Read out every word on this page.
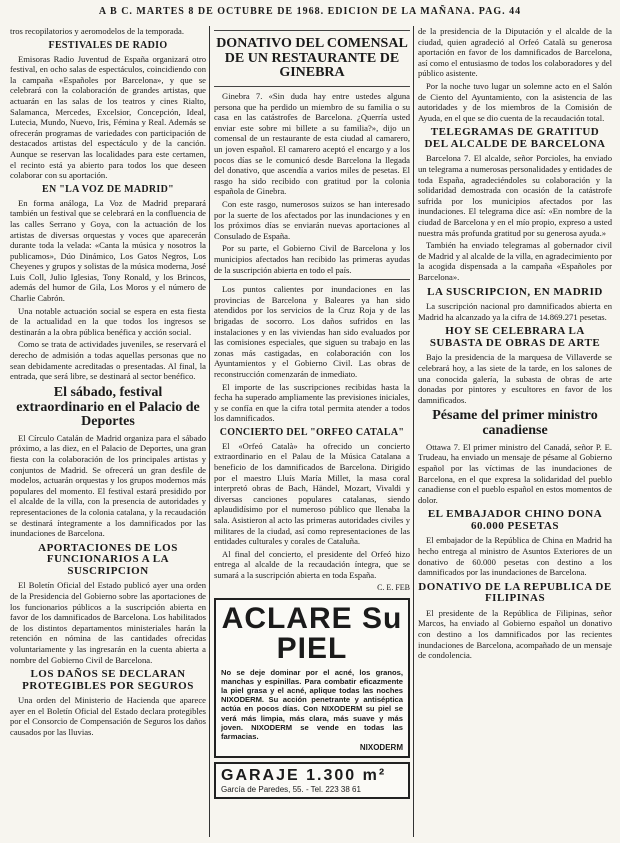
A B C. MARTES 8 DE OCTUBRE DE 1968. EDICION DE LA MAÑANA. PAG. 44

tros recopilatorios y aeromodelos de la temporada.

FESTIVALES DE RADIO

Emisoras Radio Juventud de España organizará otro festival, en ocho salas de espectáculos, coincidiendo con la campaña «Españoles por Barcelona», y que se celebrará con la colaboración de grandes artistas, que actuarán en las salas de los teatros y cines Rialto, Salamanca, Mercedes, Excelsior, Concepción, Ideal, Lutecia, Mundo, Nuevo, Iris, Fémina y Real. Además se ofrecerán programas de variedades con participación de destacados artistas del espectáculo y de la canción. Aunque se reservan las localidades para este certamen, el recinto está ya abierto para todos los que deseen colaborar con su aportación.

EN "LA VOZ DE MADRID"

En forma análoga, La Voz de Madrid preparará también un festival que se celebrará en la confluencia de las calles Serrano y Goya, con la actuación de los artistas de diversas orquestas y voces que aparecerán durante toda la velada: «Canta la música y nosotros la publicamos», Dúo Dinámico, Los Gatos Negros, Los Cheyenes y grupos y solistas de la música moderna, José Luis Coll, Julio Iglesias, Tony Ronald, y los Brincos, además del humor de Gila, Los Moros y el número de Charlie Cabrón.

Una notable actuación social se espera en esta fiesta de la actualidad en la que todos los ingresos se destinarán a la obra pública benéfica y acción social.

Como se trata de actividades juveniles, se reservará el derecho de admisión a todas aquellas personas que no sean debidamente acreditadas o presentadas. Al final, la entrada, que será libre, se destinará al sector benéfico.

El sábado, festival extraordinario en el Palacio de Deportes

El Círculo Catalán de Madrid organiza para el sábado próximo, a las diez, en el Palacio de Deportes, una gran fiesta con la colaboración de los principales artistas y conjuntos de Madrid. Se ofrecerá un gran desfile de modelos, actuarán orquestas y los grupos modernos más populares del momento. El festival estará presidido por el alcalde de la villa, con la presencia de autoridades y representaciones de la colonia catalana, y la recaudación se destinará íntegramente a los damnificados por las inundaciones de Barcelona.

APORTACIONES DE LOS FUNCIONARIOS A LA SUSCRIPCION

El Boletín Oficial del Estado publicó ayer una orden de la Presidencia del Gobierno sobre las aportaciones de los funcionarios públicos a la suscripción abierta en favor de los damnificados de Barcelona. Los habilitados de los distintos departamentos ministeriales harán la retención en nómina de las cantidades ofrecidas voluntariamente y las ingresarán en la cuenta abierta a nombre del Gobierno Civil de Barcelona.

LOS DAÑOS SE DECLARAN PROTEGIBLES POR SEGUROS

Una orden del Ministerio de Hacienda que aparece ayer en el Boletín Oficial del Estado declara protegibles por el Consorcio de Compensación de Seguros los daños causados por las lluvias.

DONATIVO DEL COMENSAL DE UN RESTAURANTE DE GINEBRA

Ginebra 7. «Sin duda hay entre ustedes alguna persona que ha perdido un miembro de su familia o su casa en las catástrofes de Barcelona. ¿Querría usted enviar este sobre mi billete a su familia?», dijo un comensal de un restaurante de esta ciudad al camarero, un joven español. El camarero aceptó el encargo y a los pocos días se le comunicó desde Barcelona la llegada del donativo, que ascendía a varios miles de pesetas. El rasgo ha sido recibido con gratitud por la colonia española de Ginebra.

Con este rasgo, numerosos suizos se han interesado por la suerte de los afectados por las inundaciones y en los próximos días se enviarán nuevas aportaciones al Consulado de España.

Por su parte, el Gobierno Civil de Barcelona y los municipios afectados han recibido las primeras ayudas de la suscripción abierta en todo el país.

Los puntos calientes por inundaciones en las provincias de Barcelona y Baleares ya han sido atendidos por los servicios de la Cruz Roja y de las brigadas de socorro. Los daños sufridos en las instalaciones y en las viviendas han sido evaluados por las comisiones especiales, que siguen su trabajo en las zonas más castigadas, en colaboración con los Ayuntamientos y el Gobierno Civil. Las obras de reconstrucción comenzarán de inmediato.

El importe de las suscripciones recibidas hasta la fecha ha superado ampliamente las previsiones iniciales, y se confía en que la cifra total permita atender a todos los damnificados.

CONCIERTO DEL "ORFEO CATALA"

El «Orfeó Català» ha ofrecido un concierto extraordinario en el Palau de la Música Catalana a beneficio de los damnificados de Barcelona. Dirigido por el maestro Lluís María Millet, la masa coral interpretó obras de Bach, Händel, Mozart, Vivaldi y diversas canciones populares catalanas, siendo aplaudidísimo por el numeroso público que llenaba la sala. Asistieron al acto las primeras autoridades civiles y militares de la ciudad, así como representaciones de las entidades culturales y corales de Cataluña.

Al final del concierto, el presidente del Orfeó hizo entrega al alcalde de la recaudación íntegra, que se sumará a la suscripción abierta en toda España.

C. E. FEB
ACLARE Su PIEL
No se deje dominar por el acné, los granos, manchas y espinillas. Para combatir eficazmente la piel grasa y el acné, aplique todas las noches NIXODERM. Su acción penetrante y antiséptica actúa en pocos días. Con NIXODERM su piel se verá más limpia, más clara, más suave y más joven. NIXODERM se vende en todas las farmacias.
NIXODERM
GARAJE 1.300 m²
García de Paredes, 55. - Tel. 223 38 61

de la presidencia de la Diputación y el alcalde de la ciudad, quien agradeció al Orfeó Català su generosa aportación en favor de los damnificados de Barcelona, así como el entusiasmo de todos los colaboradores y del público asistente.

Por la noche tuvo lugar un solemne acto en el Salón de Ciento del Ayuntamiento, con la asistencia de las autoridades y de los miembros de la Comisión de Ayuda, en el que se dio cuenta de la recaudación total.

TELEGRAMAS DE GRATITUD DEL ALCALDE DE BARCELONA

Barcelona 7. El alcalde, señor Porcioles, ha enviado un telegrama a numerosas personalidades y entidades de toda España, agradeciéndoles su colaboración y la solidaridad demostrada con ocasión de la catástrofe sufrida por los municipios afectados por las inundaciones. El telegrama dice así: «En nombre de la ciudad de Barcelona y en el mío propio, expreso a usted nuestra más profunda gratitud por su generosa ayuda.»

También ha enviado telegramas al gobernador civil de Madrid y al alcalde de la villa, en agradecimiento por la acogida dispensada a la campaña «Españoles por Barcelona».

LA SUSCRIPCION, EN MADRID

La suscripción nacional pro damnificados abierta en Madrid ha alcanzado ya la cifra de 14.869.271 pesetas.

HOY SE CELEBRARA LA SUBASTA DE OBRAS DE ARTE

Bajo la presidencia de la marquesa de Villaverde se celebrará hoy, a las siete de la tarde, en los salones de una conocida galería, la subasta de obras de arte donadas por pintores y escultores en favor de los damnificados.

Pésame del primer ministro canadiense

Ottawa 7. El primer ministro del Canadá, señor P. E. Trudeau, ha enviado un mensaje de pésame al Gobierno español por las víctimas de las inundaciones de Barcelona, en el que expresa la solidaridad del pueblo canadiense con el pueblo español en estos momentos de dolor.

EL EMBAJADOR CHINO DONA 60.000 PESETAS

El embajador de la República de China en Madrid ha hecho entrega al ministro de Asuntos Exteriores de un donativo de 60.000 pesetas con destino a los damnificados por las inundaciones de Barcelona.

DONATIVO DE LA REPUBLICA DE FILIPINAS

El presidente de la República de Filipinas, señor Marcos, ha enviado al Gobierno español un donativo con destino a los damnificados por las recientes inundaciones de Barcelona, acompañado de un mensaje de condolencia.
